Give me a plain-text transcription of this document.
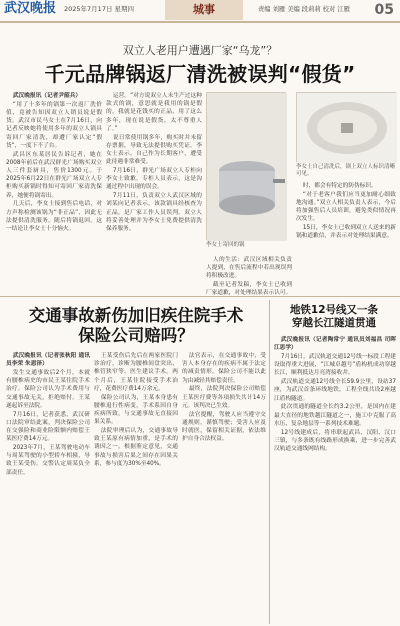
武汉晚报 2025年7月17日 星期四	城事	责编 刘雁 美编 段莉莉 校对 江雁 05
双立人老用户遭遇厂家“乌龙”？
千元品牌锅返厂清洗被误判“假货”

武汉晚报讯（记者尹韶兵）

“用了十多年的锅第一次返厂洗价值，竟被告知因双立人销员说是假货。武汉市民马女士在7月16日，向记者反映她将使用多年的双立人锅具寄回厂家清洗，却遭厂家认定“假货”，一度下不了台。

武昌区东某居民告诉记者，她在2008年前后在武汉群光广场购买双立人三件套厨具，售价1300元。于2025年6月22日在群光广场双立人专柜购买新锅时得知可寄回厂家清洗保养，她便将锅寄出。

几天后，李女士接到售后电话，对方声称检测该锅为“非正品”，因此无法提供清洗服务，随后将锅退回。这一结论让李女士十分恼火。

运营。“对方说双立人未生产过这种款式的锅，意思就是我用的锅是假的。我就是花钱买的正品，用了这么多年，现在说是假货，太不尊重人了。”

说日常使用锅多年，购买时并未留存票据，导致无法提供购买凭证。李女士表示，自己作为长期客户，遭受此待遇非常难受。

7月16日，群光广场双立人专柜向李女士致歉，专柜人员表示，这是沟通过程中出现的误会。

7月11日，负责双立人武汉区域的刘某向记者表示，该款锅具经核查为正品，是厂家工作人员误判。双立人将妥善处理并为李女士免费提供清洗保养服务。

李女士寄回的锅
李女士自己清洗后，锅上双立人标识清晰可见。

人的生活：武汉区域相关负责人提到，在售后流程中若出现误判将积极改进。

截至记者发稿，李女士已收到厂家道歉，对处理结果表示认可。

时，都会有特定的防伪标识。

“对于老客户我们应当更加耐心细致地沟通。”双立人相关负责人表示，今后将加强售后人员培训，避免类似情况再次发生。

15日，李女士已收到双立人送来的新锅和道歉信，并表示对处理结果满意。

交通事故新伤加旧疾住院手术
保险公司赔吗？

武汉晚报讯（记者张秋阳 通讯员李荣 朱恩泽）

发生交通事故后2个月，本就有腰椎病史的市民王某住院手术治疗。保险公司认为手术费用与交通事故无关，拒绝赔付。王某遂起诉至法院。

7月16日，记者获悉，武汉研口法院审结此案，判决保险公司在交强险和商业险限额内赔偿王某医疗费14万元。

2023年7月，王某驾驶电动车与周某驾驶的小型轿车相撞，导致王某受伤。交警认定周某负全部责任。

王某受伤后先后在两家医院门诊治疗，诊断为腰椎间盘突出、椎管狭窄等。医生建议手术。两个月后，王某住院接受手术治疗，花费医疗费14万余元。

保险公司认为，王某本身患有腰椎退行性病变，手术系因自身疾病所致，与交通事故无直接因果关系。

法院审理后认为，交通事故导致王某原有病情加重，是手术的诱因之一。根据鉴定意见，交通事故与损害后果之间存在因果关系，参与度为30%至40%。

法官表示，在交通事故中，受害人本身存在的疾病不属于法定的减责情形。保险公司不能以此为由减轻其赔偿责任。

最终，法院判决保险公司赔偿王某医疗费等各项损失共计14万元。该判决已生效。

法官提醒，驾驶人应当遵守交通规则，谨慎驾驶；受害人应及时就医，保留相关证据，依法维护自身合法权益。

地铁12号线又一条
穿越长江隧道贯通

武汉晚报讯（记者陶常宁 通讯员刘福昌 司晖 江思学）

7月16日，武汉轨道交通12号线一标段工程建设取得重大进展，“江城卓越号”盾构机成功穿越长江，顺利抵达月亮湾接收井。

武汉轨道交通12号线全长59.9公里，设站37座，为武汉首条环线地铁。工程全线共设2座越江盾构隧道。

此次贯通的隧道全长约3.2公里，是国内在建最大直径的地铁越江隧道之一，施工中克服了高水压、复杂地层等一系列技术难题。

12号线建成后，将串联起武昌、汉阳、汉口三镇，与多条既有线路形成换乘，进一步完善武汉轨道交通线网结构。
